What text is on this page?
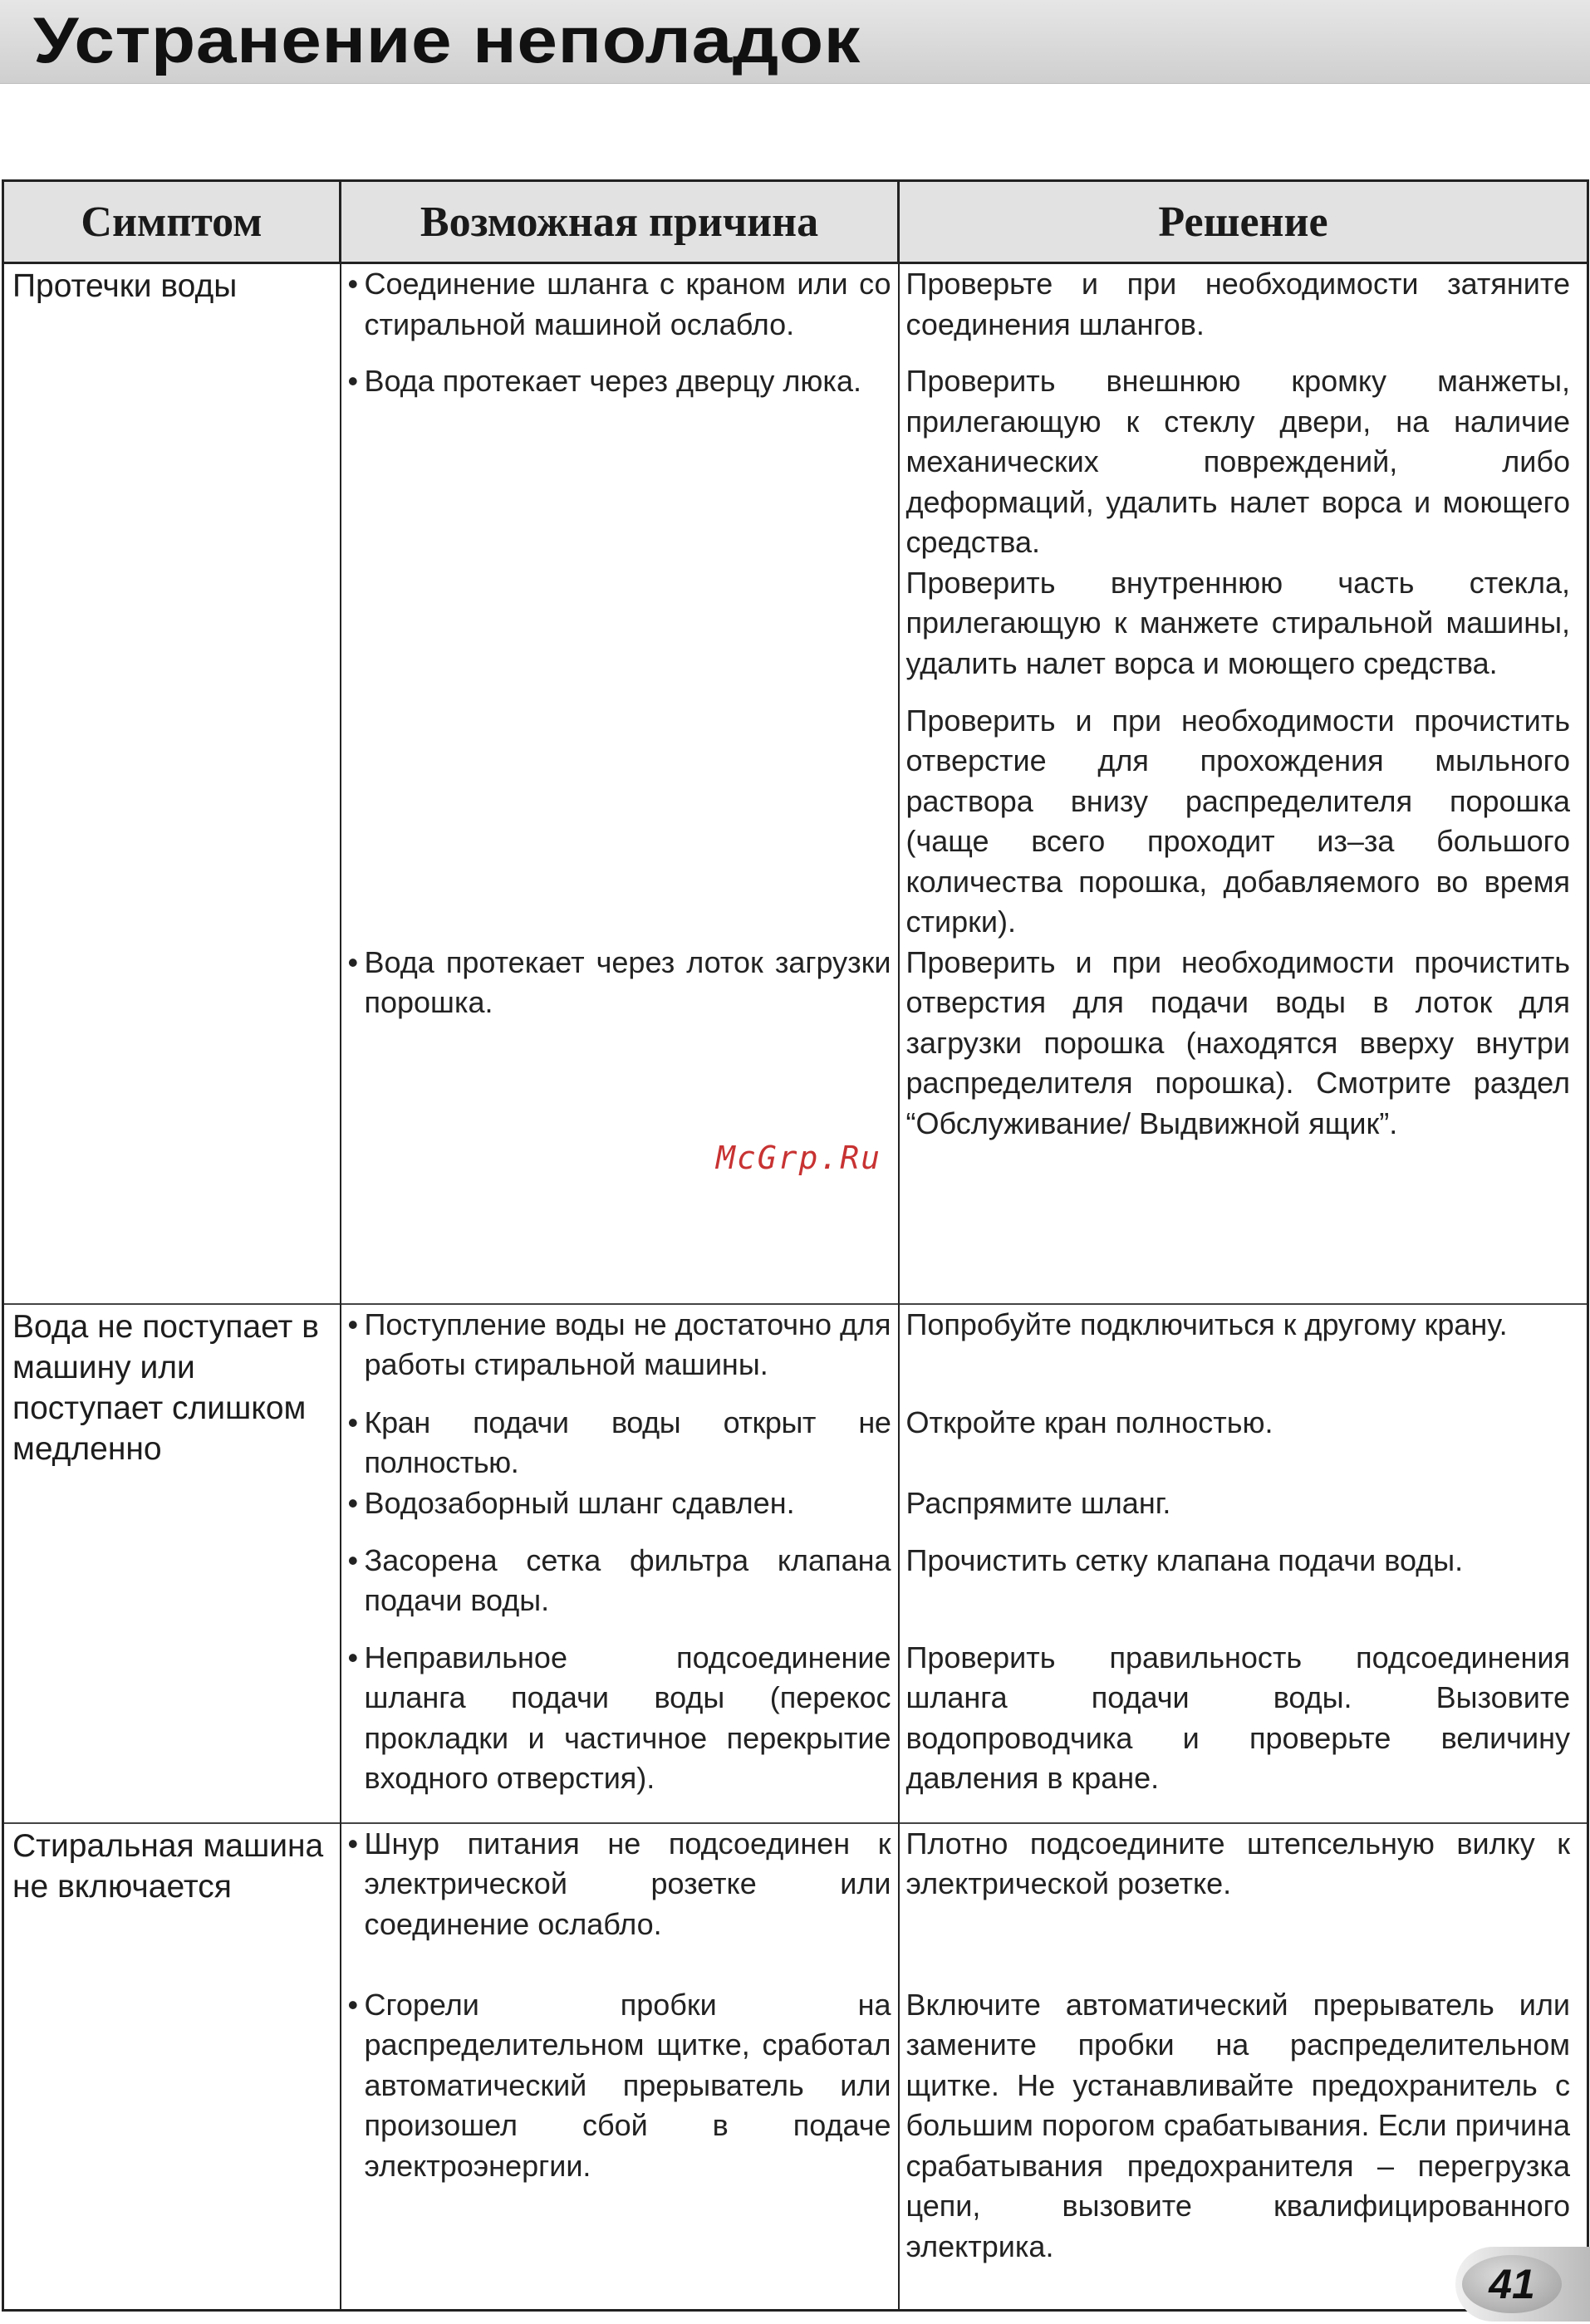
Устранение неполадок
Симптом	Возможная причина	Решение

Протечки воды	• Соединение шланга с краном или со стиральной машиной ослабло.	Проверьте и при необходимости затяните соединения шлангов.

	• Вода протекает через дверцу люка.	Проверить внешнюю кромку манжеты, прилегающую к стеклу двери, на наличие механических повреждений, либо деформаций, удалить налет ворса и моющего средства.

		Проверить внутреннюю часть стекла, прилегающую к манжете стиральной машины, удалить налет ворса и моющего средства.

		Проверить и при необходимости прочистить отверстие для прохождения мыльного раствора внизу распределителя порошка (чаще всего проходит из–за большого количества порошка, добавляемого во время стирки).

	• Вода протекает через лоток загрузки порошка.	Проверить и при необходимости прочистить отверстия для подачи воды в лоток для загрузки порошка (находятся вверху внутри распределителя порошка). Смотрите раздел “Обслуживание/ Выдвижной ящик”.

Вода не поступает в машину или поступает слишком медленно	• Поступление воды не достаточно для работы стиральной машины.	Попробуйте подключиться к другому крану.

	• Кран подачи воды открыт не полностью.	Откройте кран полностью.

	• Водозаборный шланг сдавлен.	Распрямите шланг.

	• Засорена сетка фильтра клапана подачи воды.	Прочистить сетку клапана подачи воды.

	• Неправильное подсоединение шланга подачи воды (перекос прокладки и частичное перекрытие входного отверстия).	Проверить правильность подсоединения шланга подачи воды. Вызовите водопроводчика и проверьте величину давления в кране.

Стиральная машина не включается	• Шнур питания не подсоединен к электрической розетке или соединение ослабло.	Плотно подсоедините штепсельную вилку к электрической розетке.

	• Сгорели пробки на распределительном щитке, сработал автоматический прерыватель или произошел сбой в подаче электроэнергии.	Включите автоматический прерыватель или замените пробки на распределительном щитке. Не устанавливайте предохранитель с большим порогом срабатывания. Если причина срабатывания предохранителя – перегрузка цепи, вызовите квалифицированного электрика.
McGrp.Ru
41
